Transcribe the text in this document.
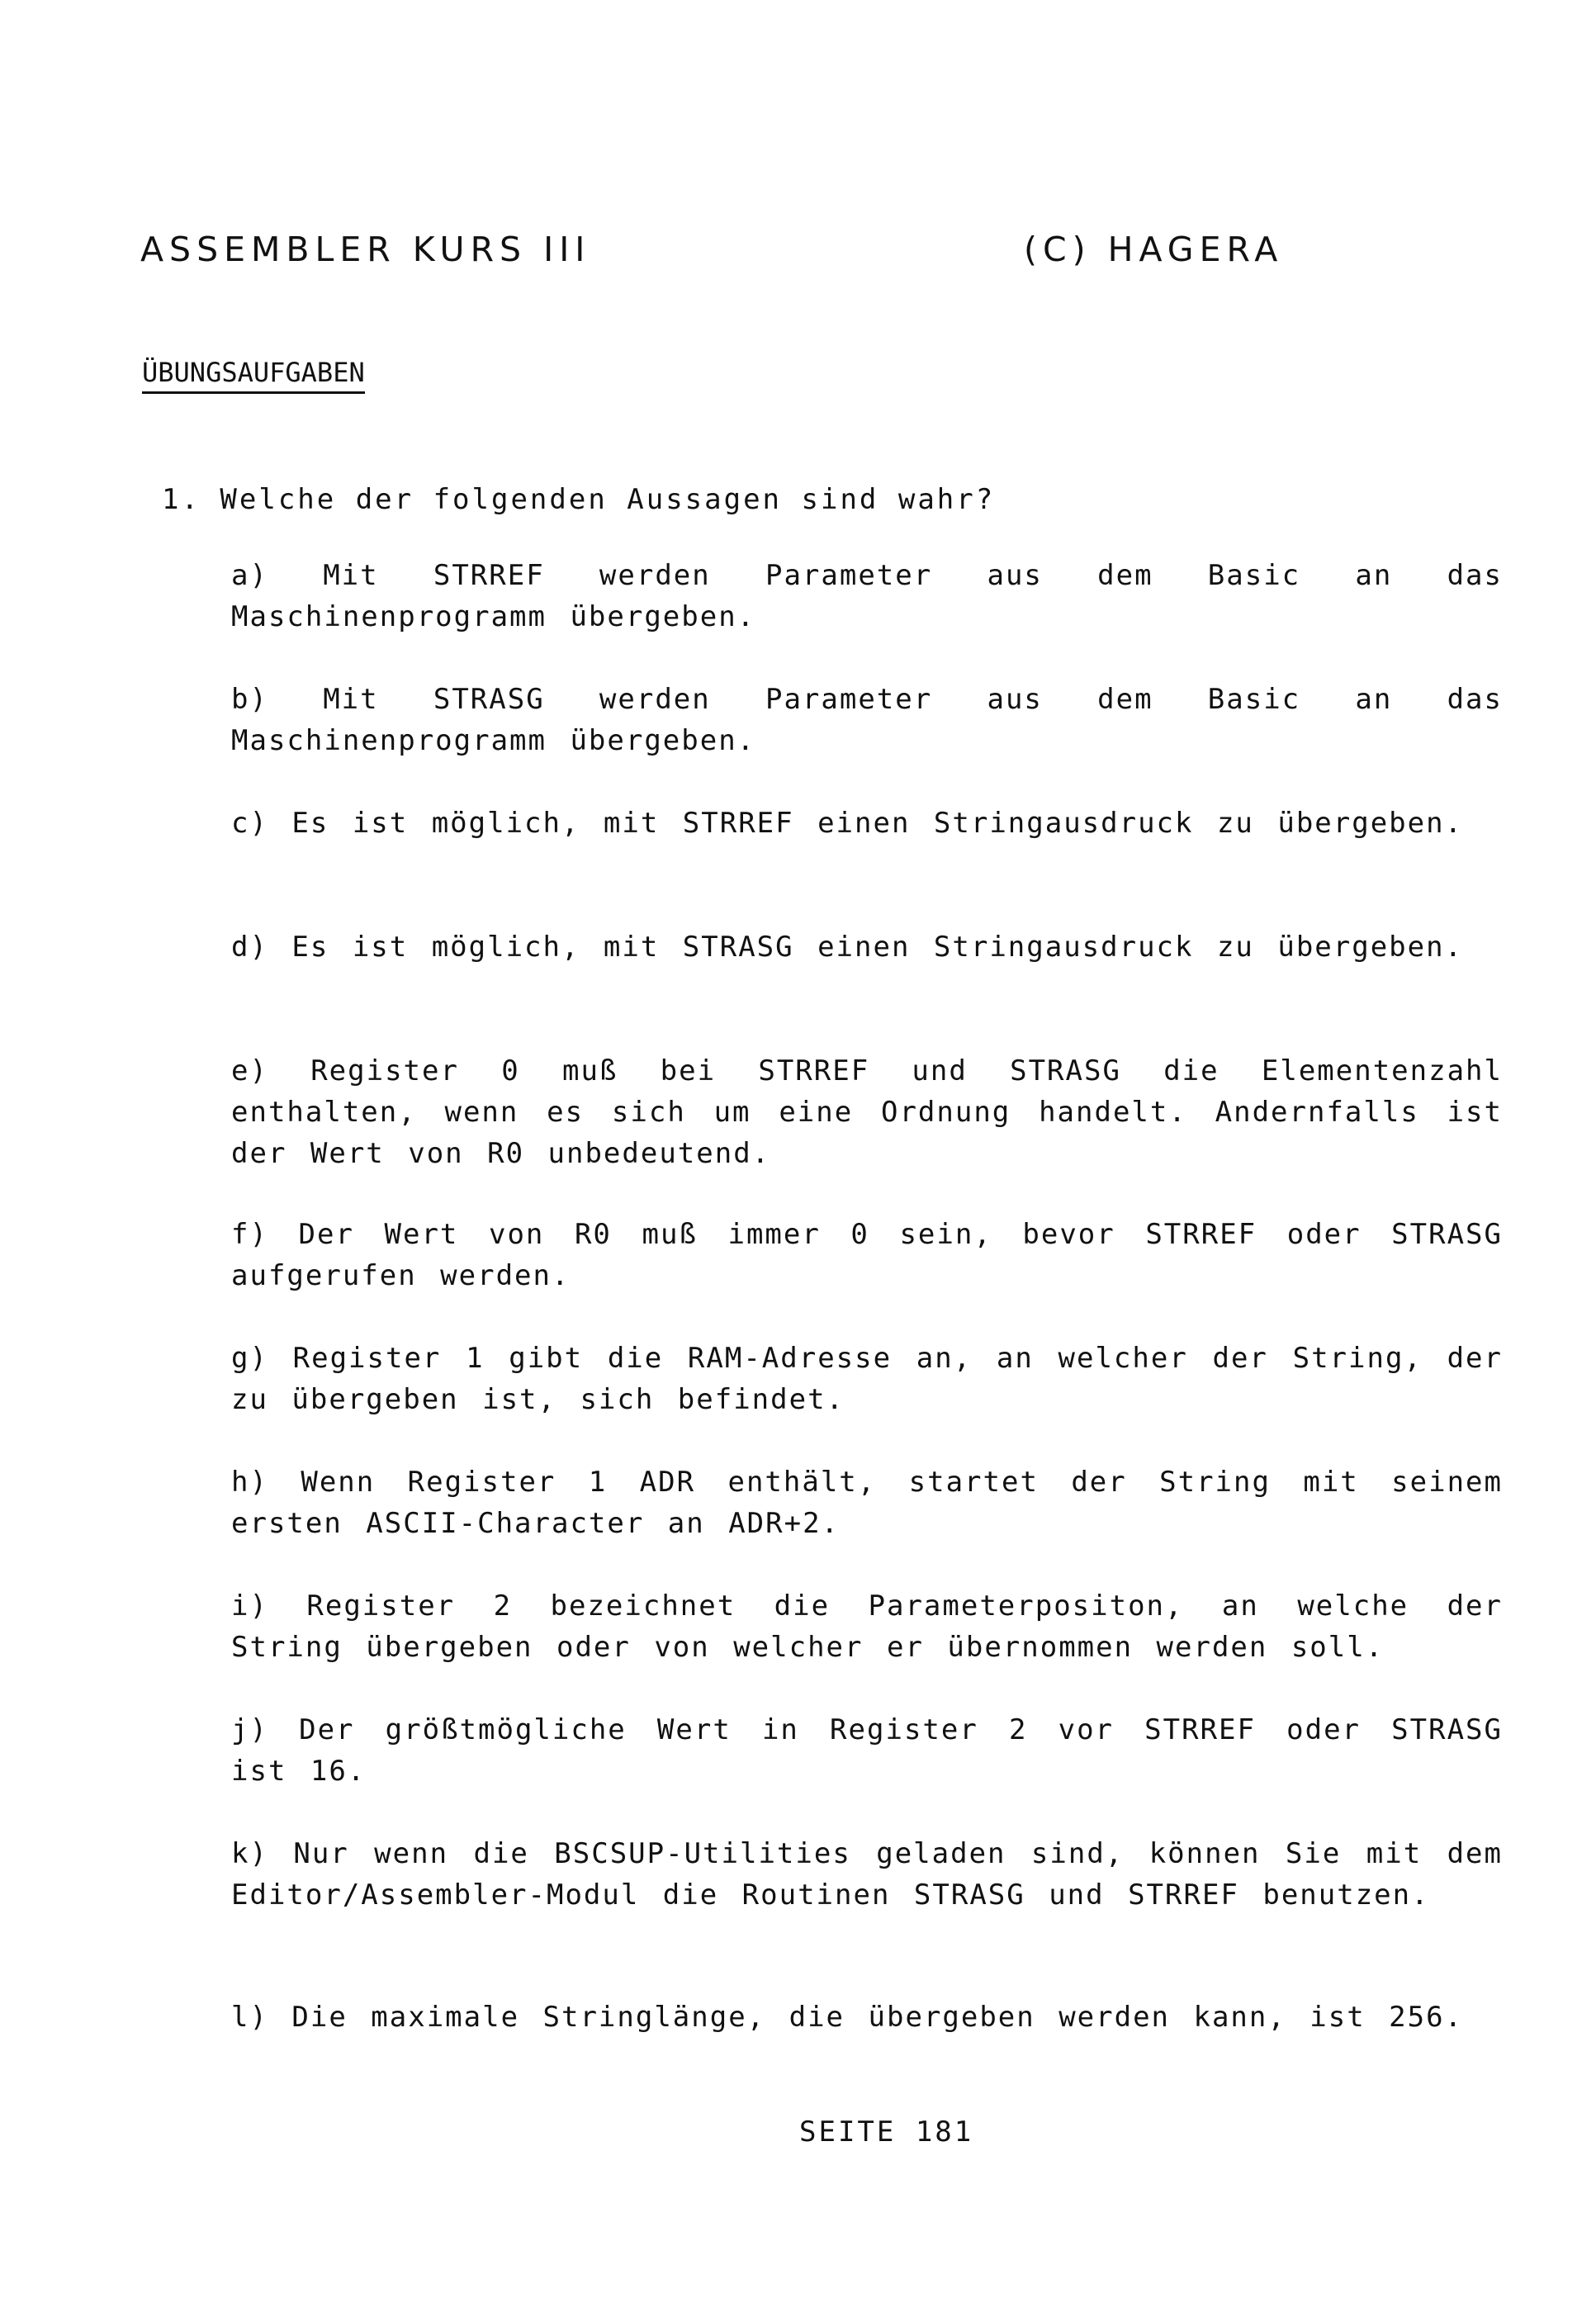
ASSEMBLER KURS III	(C) HAGERA
ÜBUNGSAUFGABEN
1. Welche der folgenden Aussagen sind wahr?
a) Mit STRREF werden Parameter aus dem Basic an das Maschinenprogramm übergeben.
b) Mit STRASG werden Parameter aus dem Basic an das Maschinenprogramm übergeben.
c) Es ist möglich, mit STRREF einen Stringausdruck zu übergeben.
d) Es ist möglich, mit STRASG einen Stringausdruck zu übergeben.
e) Register 0 muß bei STRREF und STRASG die Elementenzahl enthalten, wenn es sich um eine Ordnung handelt. Andernfalls ist der Wert von R0 unbedeutend.
f) Der Wert von R0 muß immer 0 sein, bevor STRREF oder STRASG aufgerufen werden.
g) Register 1 gibt die RAM-Adresse an, an welcher der String, der zu übergeben ist, sich befindet.
h) Wenn Register 1 ADR enthält, startet der String mit seinem ersten ASCII-Character an ADR+2.
i) Register 2 bezeichnet die Parameterpositon, an welche der String übergeben oder von welcher er übernommen werden soll.
j) Der größtmögliche Wert in Register 2 vor STRREF oder STRASG ist 16.
k) Nur wenn die BSCSUP-Utilities geladen sind, können Sie mit dem Editor/Assembler-Modul die Routinen STRASG und STRREF benutzen.
l) Die maximale Stringlänge, die übergeben werden kann, ist 256.
SEITE 181
